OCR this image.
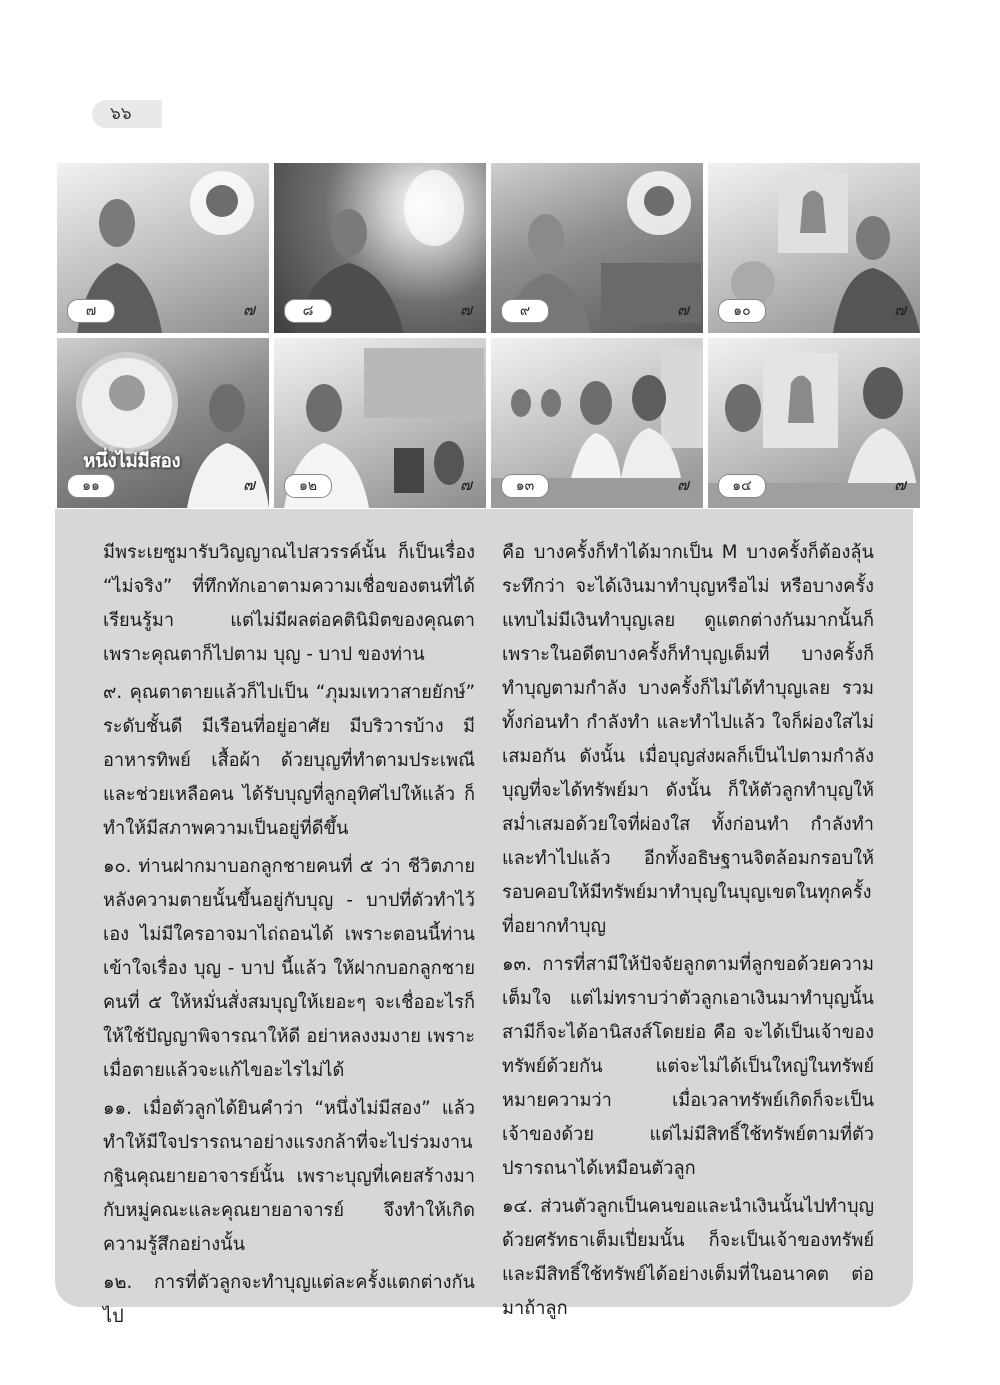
๖๖
๗	๗	๘	๗	๙	๗	๑๐	๗
หนึ่งไม่มีสอง
๑๑	๗	๑๒	๗	๑๓	๗	๑๔	๗

มีพระเยซูมารับวิญญาณไปสวรรค์นั้น ก็เป็นเรื่อง “ไม่จริง” ที่ทึกทักเอาตามความเชื่อของตนที่ได้เรียนรู้มา แต่ไม่มีผลต่อคตินิมิตของคุณตา เพราะคุณตาก็ไปตาม บุญ - บาป ของท่าน

๙. คุณตาตายแล้วก็ไปเป็น “ภุมมเทวาสายยักษ์” ระดับชั้นดี มีเรือนที่อยู่อาศัย มีบริวารบ้าง มีอาหารทิพย์ เสื้อผ้า ด้วยบุญที่ทำตามประเพณีและช่วยเหลือคน ได้รับบุญที่ลูกอุทิศไปให้แล้ว ก็ทำให้มีสภาพความเป็นอยู่ที่ดีขึ้น

๑๐. ท่านฝากมาบอกลูกชายคนที่ ๕ ว่า ชีวิตภายหลังความตายนั้นขึ้นอยู่กับบุญ - บาปที่ตัวทำไว้เอง ไม่มีใครอาจมาไถ่ถอนได้ เพราะตอนนี้ท่านเข้าใจเรื่อง บุญ - บาป นี้แล้ว ให้ฝากบอกลูกชายคนที่ ๕ ให้หมั่นสั่งสมบุญให้เยอะๆ จะเชื่ออะไรก็ให้ใช้ปัญญาพิจารณาให้ดี อย่าหลงงมงาย เพราะเมื่อตายแล้วจะแก้ไขอะไรไม่ได้

๑๑. เมื่อตัวลูกได้ยินคำว่า “หนึ่งไม่มีสอง” แล้ว ทำให้มีใจปรารถนาอย่างแรงกล้าที่จะไปร่วมงานกฐินคุณยายอาจารย์นั้น เพราะบุญที่เคยสร้างมากับหมู่คณะและคุณยายอาจารย์ จึงทำให้เกิดความรู้สึกอย่างนั้น

๑๒. การที่ตัวลูกจะทำบุญแต่ละครั้งแตกต่างกันไป

คือ บางครั้งก็ทำได้มากเป็น M บางครั้งก็ต้องลุ้นระทึกว่า จะได้เงินมาทำบุญหรือไม่ หรือบางครั้งแทบไม่มีเงินทำบุญเลย ดูแตกต่างกันมากนั้นก็เพราะในอดีตบางครั้งก็ทำบุญเต็มที่ บางครั้งก็ทำบุญตามกำลัง บางครั้งก็ไม่ได้ทำบุญเลย รวมทั้งก่อนทำ กำลังทำ และทำไปแล้ว ใจก็ผ่องใสไม่เสมอกัน ดังนั้น เมื่อบุญส่งผลก็เป็นไปตามกำลังบุญที่จะได้ทรัพย์มา ดังนั้น ก็ให้ตัวลูกทำบุญให้สม่ำเสมอด้วยใจที่ผ่องใส ทั้งก่อนทำ กำลังทำ และทำไปแล้ว อีกทั้งอธิษฐานจิตล้อมกรอบให้รอบคอบให้มีทรัพย์มาทำบุญในบุญเขตในทุกครั้งที่อยากทำบุญ

๑๓. การที่สามีให้ปัจจัยลูกตามที่ลูกขอด้วยความเต็มใจ แต่ไม่ทราบว่าตัวลูกเอาเงินมาทำบุญนั้น สามีก็จะได้อานิสงส์โดยย่อ คือ จะได้เป็นเจ้าของทรัพย์ด้วยกัน แต่จะไม่ได้เป็นใหญ่ในทรัพย์ หมายความว่า เมื่อเวลาทรัพย์เกิดก็จะเป็นเจ้าของด้วย แต่ไม่มีสิทธิ์ใช้ทรัพย์ตามที่ตัวปรารถนาได้เหมือนตัวลูก

๑๔. ส่วนตัวลูกเป็นคนขอและนำเงินนั้นไปทำบุญด้วยศรัทธาเต็มเปี่ยมนั้น ก็จะเป็นเจ้าของทรัพย์และมีสิทธิ์ใช้ทรัพย์ได้อย่างเต็มที่ในอนาคต ต่อมาถ้าลูก
